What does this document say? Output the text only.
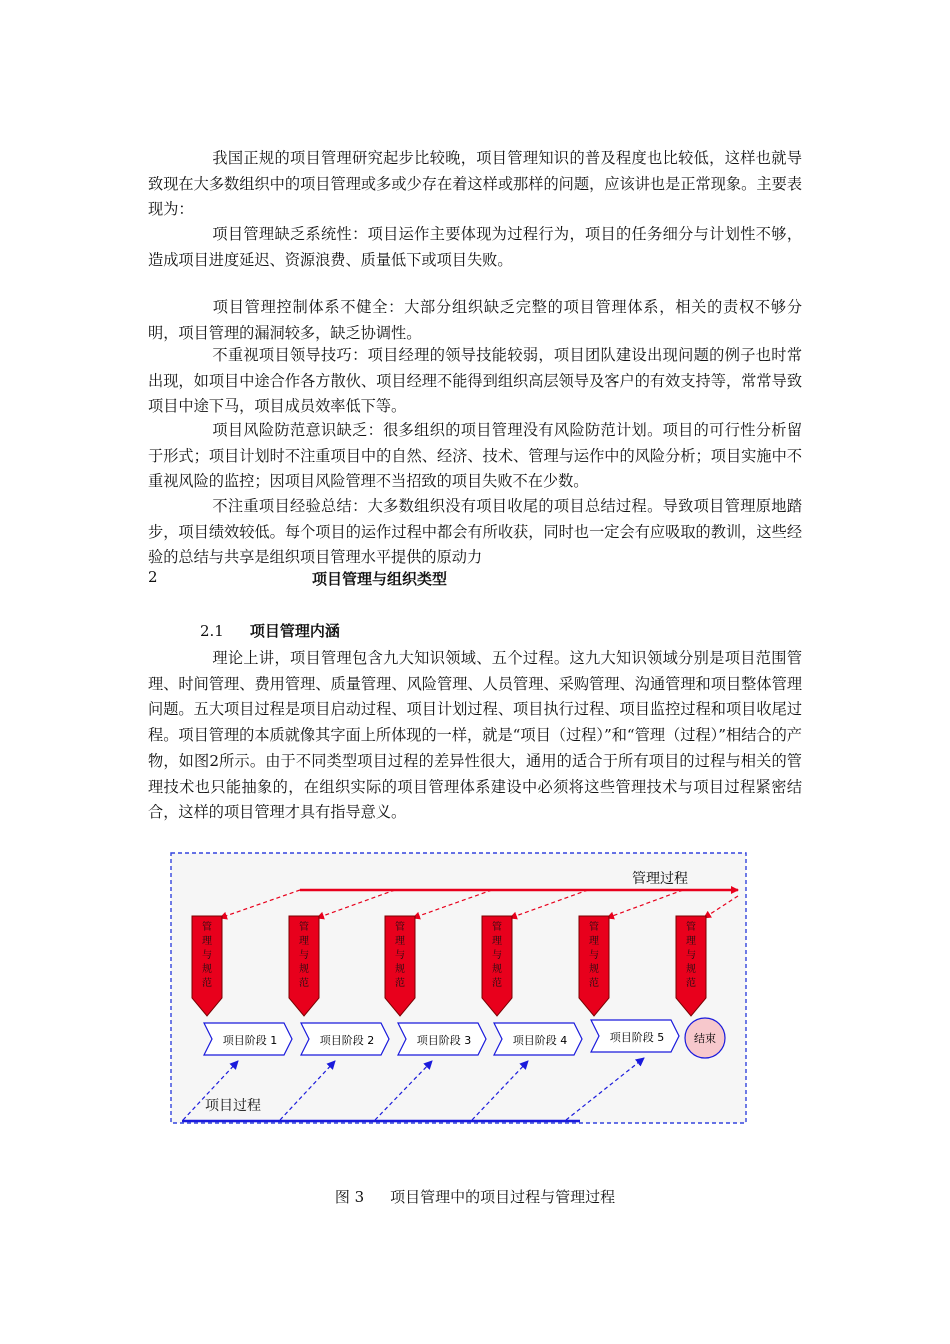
我国正规的项目管理研究起步比较晚，项目管理知识的普及程度也比较低，这样也就导致现在大多数组织中的项目管理或多或少存在着这样或那样的问题，应该讲也是正常现象。主要表现为：

项目管理缺乏系统性：项目运作主要体现为过程行为，项目的任务细分与计划性不够，造成项目进度延迟、资源浪费、质量低下或项目失败。

项目管理控制体系不健全：大部分组织缺乏完整的项目管理体系，相关的责权不够分明，项目管理的漏洞较多，缺乏协调性。

不重视项目领导技巧：项目经理的领导技能较弱，项目团队建设出现问题的例子也时常出现，如项目中途合作各方散伙、项目经理不能得到组织高层领导及客户的有效支持等，常常导致项目中途下马，项目成员效率低下等。

项目风险防范意识缺乏：很多组织的项目管理没有风险防范计划。项目的可行性分析留于形式；项目计划时不注重项目中的自然、经济、技术、管理与运作中的风险分析；项目实施中不重视风险的监控；因项目风险管理不当招致的项目失败不在少数。

不注重项目经验总结：大多数组织没有项目收尾的项目总结过程。导致项目管理原地踏步，项目绩效较低。每个项目的运作过程中都会有所收获，同时也一定会有应吸取的教训，这些经验的总结与共享是组织项目管理水平提供的原动力

2	项目管理与组织类型
2.1 项目管理内涵

理论上讲，项目管理包含九大知识领域、五个过程。这九大知识领域分别是项目范围管理、时间管理、费用管理、质量管理、风险管理、人员管理、采购管理、沟通管理和项目整体管理问题。五大项目过程是项目启动过程、项目计划过程、项目执行过程、项目监控过程和项目收尾过程。项目管理的本质就像其字面上所体现的一样，就是“项目（过程）”和“管理（过程）”相结合的产物，如图2所示。由于不同类型项目过程的差异性很大，通用的适合于所有项目的过程与相关的管理技术也只能抽象的，在组织实际的项目管理体系建设中必须将这些管理技术与项目过程紧密结合，这样的项目管理才具有指导意义。

管理过程
管
理
与
规
范
管
理
与
规
范
管
理
与
规
范
管
理
与
规
范
管
理
与
规
范
管
理
与
规
范
项目阶段 1	项目阶段 2	项目阶段 3	项目阶段 4	项目阶段 5	结束
项目过程
图 3 项目管理中的项目过程与管理过程
